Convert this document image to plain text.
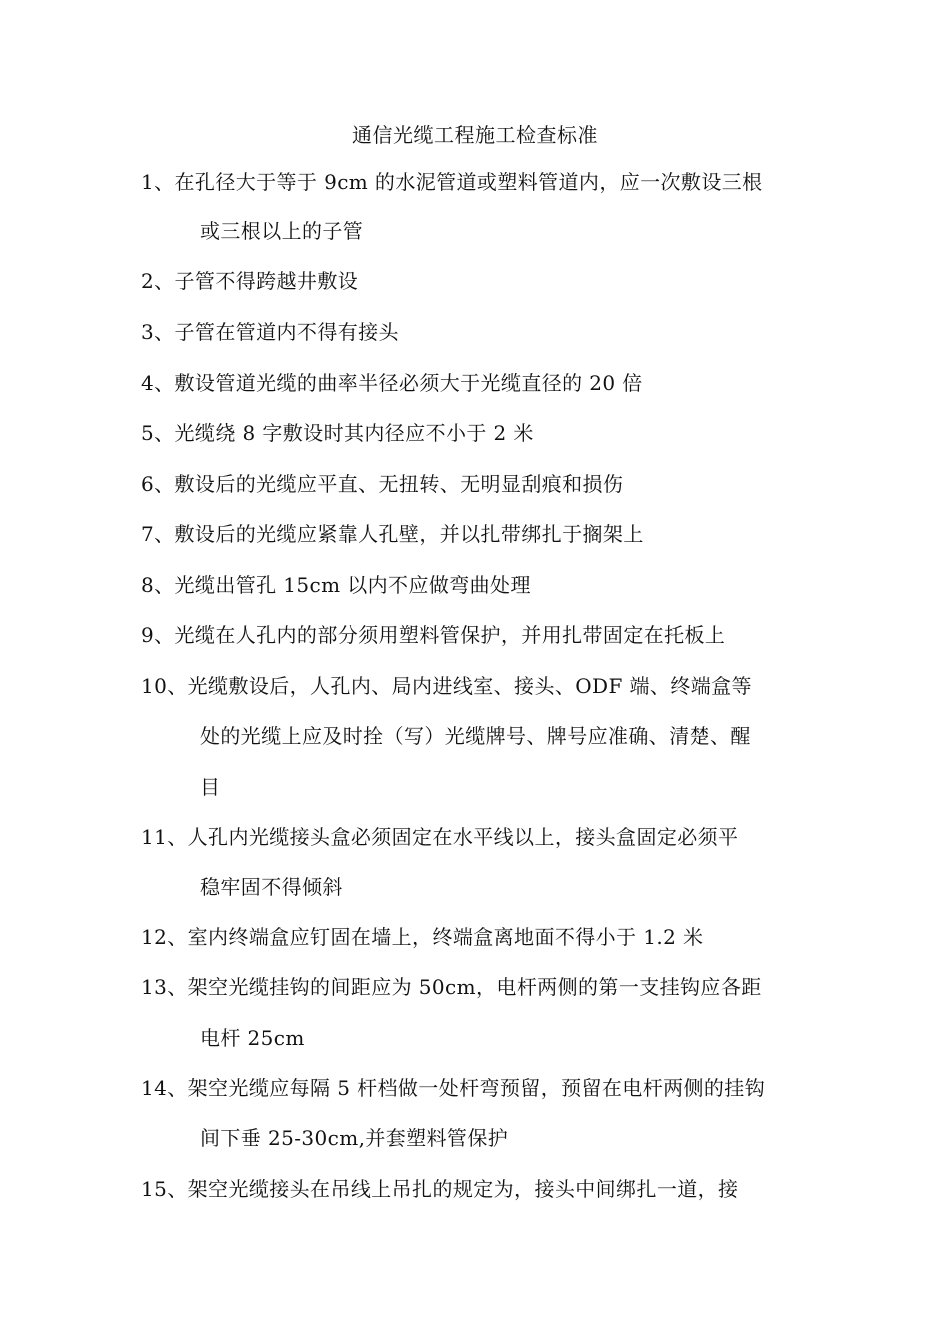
通信光缆工程施工检查标准
1、在孔径大于等于 9cm 的水泥管道或塑料管道内，应一次敷设三根
或三根以上的子管
2、子管不得跨越井敷设
3、子管在管道内不得有接头
4、敷设管道光缆的曲率半径必须大于光缆直径的 20 倍
5、光缆绕 8 字敷设时其内径应不小于 2 米
6、敷设后的光缆应平直、无扭转、无明显刮痕和损伤
7、敷设后的光缆应紧靠人孔壁，并以扎带绑扎于搁架上
8、光缆出管孔 15cm 以内不应做弯曲处理
9、光缆在人孔内的部分须用塑料管保护，并用扎带固定在托板上
10、光缆敷设后，人孔内、局内进线室、接头、ODF 端、终端盒等
处的光缆上应及时拴（写）光缆牌号、牌号应准确、清楚、醒
目
11、人孔内光缆接头盒必须固定在水平线以上，接头盒固定必须平
稳牢固不得倾斜
12、室内终端盒应钉固在墙上，终端盒离地面不得小于 1.2 米
13、架空光缆挂钩的间距应为 50cm，电杆两侧的第一支挂钩应各距
电杆 25cm
14、架空光缆应每隔 5 杆档做一处杆弯预留，预留在电杆两侧的挂钩
间下垂 25-30cm,并套塑料管保护
15、架空光缆接头在吊线上吊扎的规定为，接头中间绑扎一道，接
